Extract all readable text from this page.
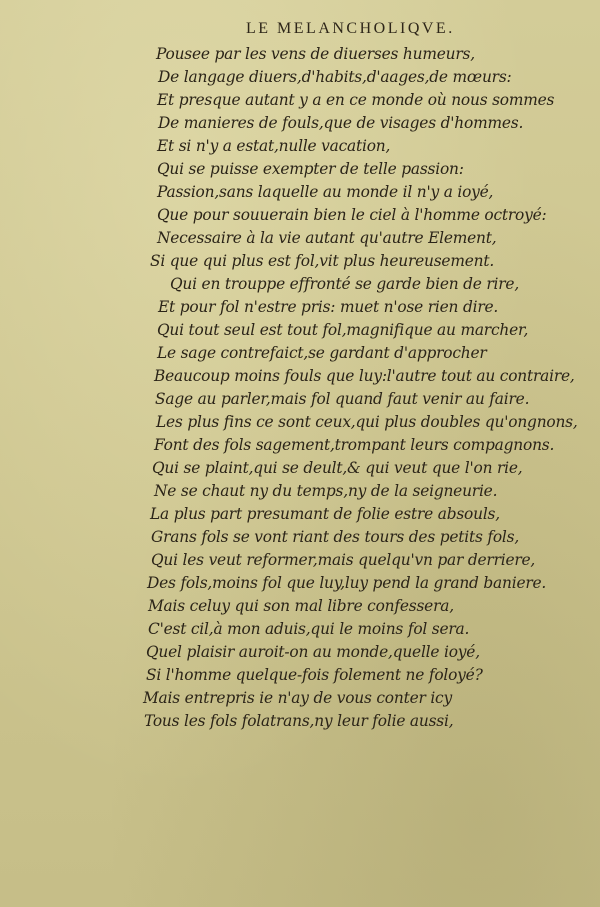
LE MELANCHOLIQVE.
Pousee par les vens de diuerses humeurs,
De langage diuers,d'habits,d'aages,de mœurs:
Et presque autant y a en ce monde où nous sommes
De manieres de fouls,que de visages d'hommes.
Et si n'y a estat,nulle vacation,
Qui se puisse exempter de telle passion:
Passion,sans laquelle au monde il n'y a ioyé,
Que pour souuerain bien le ciel à l'homme octroyé:
Necessaire à la vie autant qu'autre Element,
Si que qui plus est fol,vit plus heureusement.
Qui en trouppe effronté se garde bien de rire,
Et pour fol n'estre pris: muet n'ose rien dire.
Qui tout seul est tout fol,magnifique au marcher,
Le sage contrefaict,se gardant d'approcher
Beaucoup moins fouls que luy:l'autre tout au contraire,
Sage au parler,mais fol quand faut venir au faire.
Les plus fins ce sont ceux,qui plus doubles qu'ongnons,
Font des fols sagement,trompant leurs compagnons.
Qui se plaint,qui se deult,& qui veut que l'on rie,
Ne se chaut ny du temps,ny de la seigneurie.
La plus part presumant de folie estre absouls,
Grans fols se vont riant des tours des petits fols,
Qui les veut reformer,mais quelqu'vn par derriere,
Des fols,moins fol que luy,luy pend la grand baniere.
Mais celuy qui son mal libre confessera,
C'est cil,à mon aduis,qui le moins fol sera.
Quel plaisir auroit-on au monde,quelle ioyé,
Si l'homme quelque-fois folement ne foloyé?
Mais entrepris ie n'ay de vous conter icy
Tous les fols folatrans,ny leur folie aussi,
